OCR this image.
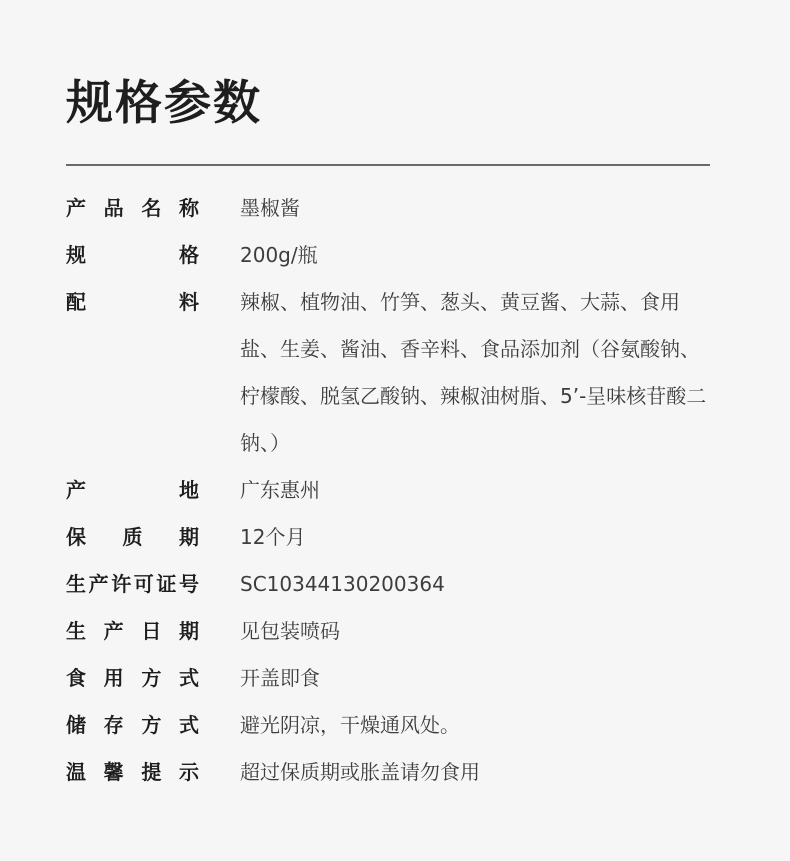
规格参数
产 品 名 称 墨椒酱
规	格 200g/瓶
配	料 辣椒、植物油、竹笋、葱头、黄豆酱、大蒜、食用盐、生姜、酱油、香辛料、食品添加剂（谷氨酸钠、柠檬酸、脱氢乙酸钠、辣椒油树脂、5’-呈味核苷酸二钠、）
产	地 广东惠州
保 质 期 12个月
生 产 许 可 证 号 SC10344130200364
生 产 日 期 见包装喷码
食 用 方 式 开盖即食
储 存 方 式 避光阴凉，干燥通风处。
温 馨 提 示 超过保质期或胀盖请勿食用
